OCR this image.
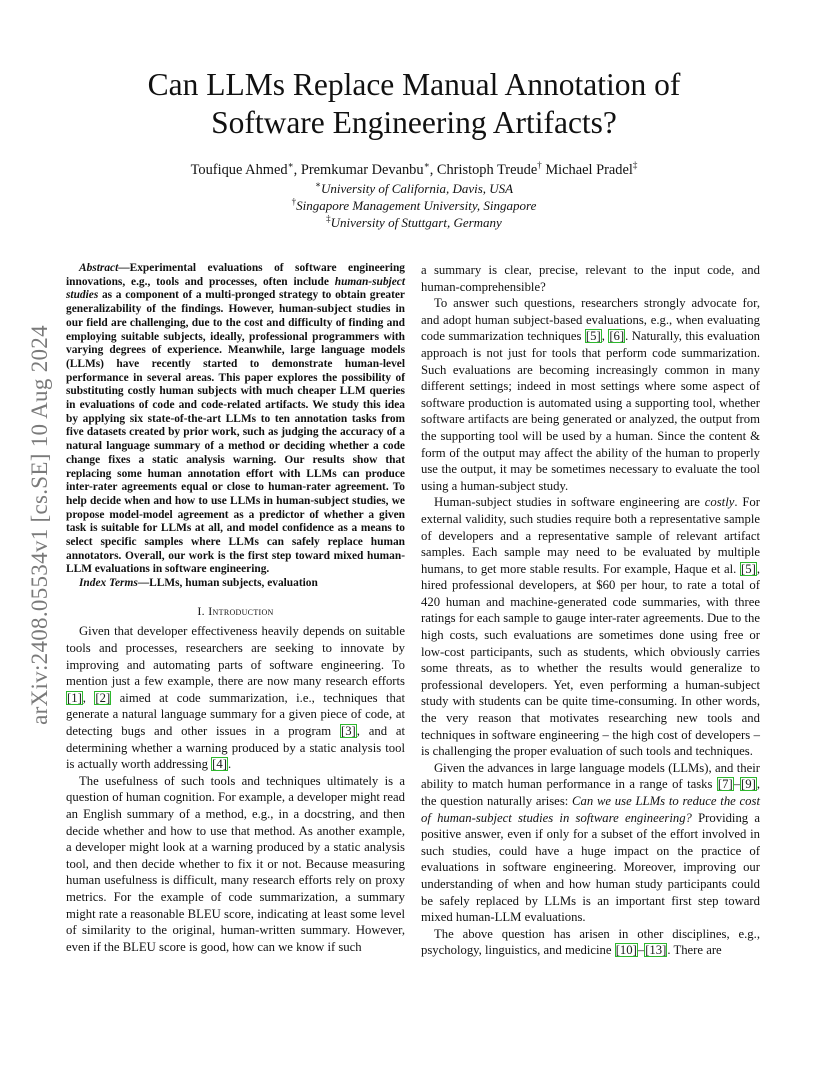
arXiv:2408.05534v1 [cs.SE] 10 Aug 2024
Can LLMs Replace Manual Annotation of
Software Engineering Artifacts?
Toufique Ahmed∗, Premkumar Devanbu∗, Christoph Treude† Michael Pradel‡
∗University of California, Davis, USA
†Singapore Management University, Singapore
‡University of Stuttgart, Germany

Abstract—Experimental evaluations of software engineering innovations, e.g., tools and processes, often include human-subject studies as a component of a multi-pronged strategy to obtain greater generalizability of the findings. However, human-subject studies in our field are challenging, due to the cost and difficulty of finding and employing suitable subjects, ideally, professional programmers with varying degrees of experience. Meanwhile, large language models (LLMs) have recently started to demonstrate human-level performance in several areas. This paper explores the possibility of substituting costly human subjects with much cheaper LLM queries in evaluations of code and code-related artifacts. We study this idea by applying six state-of-the-art LLMs to ten annotation tasks from five datasets created by prior work, such as judging the accuracy of a natural language summary of a method or deciding whether a code change fixes a static analysis warning. Our results show that replacing some human annotation effort with LLMs can produce inter-rater agreements equal or close to human-rater agreement. To help decide when and how to use LLMs in human-subject studies, we propose model-model agreement as a predictor of whether a given task is suitable for LLMs at all, and model confidence as a means to select specific samples where LLMs can safely replace human annotators. Overall, our work is the first step toward mixed human-LLM evaluations in software engineering.

Index Terms—LLMs, human subjects, evaluation

I. Introduction

Given that developer effectiveness heavily depends on suitable tools and processes, researchers are seeking to innovate by improving and automating parts of software engineering. To mention just a few example, there are now many research efforts [1], [2] aimed at code summarization, i.e., techniques that generate a natural language summary for a given piece of code, at detecting bugs and other issues in a program [3], and at determining whether a warning produced by a static analysis tool is actually worth addressing [4].

The usefulness of such tools and techniques ultimately is a question of human cognition. For example, a developer might read an English summary of a method, e.g., in a docstring, and then decide whether and how to use that method. As another example, a developer might look at a warning produced by a static analysis tool, and then decide whether to fix it or not. Because measuring human usefulness is difficult, many research efforts rely on proxy metrics. For the example of code summarization, a summary might rate a reasonable BLEU score, indicating at least some level of similarity to the original, human-written summary. However, even if the BLEU score is good, how can we know if such

a summary is clear, precise, relevant to the input code, and human-comprehensible?

To answer such questions, researchers strongly advocate for, and adopt human subject-based evaluations, e.g., when evaluating code summarization techniques [5], [6]. Naturally, this evaluation approach is not just for tools that perform code summarization. Such evaluations are becoming increasingly common in many different settings; indeed in most settings where some aspect of software production is automated using a supporting tool, whether software artifacts are being generated or analyzed, the output from the supporting tool will be used by a human. Since the content & form of the output may affect the ability of the human to properly use the output, it may be sometimes necessary to evaluate the tool using a human-subject study.

Human-subject studies in software engineering are costly. For external validity, such studies require both a representative sample of developers and a representative sample of relevant artifact samples. Each sample may need to be evaluated by multiple humans, to get more stable results. For example, Haque et al. [5], hired professional developers, at $60 per hour, to rate a total of 420 human and machine-generated code summaries, with three ratings for each sample to gauge inter-rater agreements. Due to the high costs, such evaluations are sometimes done using free or low-cost participants, such as students, which obviously carries some threats, as to whether the results would generalize to professional developers. Yet, even performing a human-subject study with students can be quite time-consuming. In other words, the very reason that motivates researching new tools and techniques in software engineering – the high cost of developers – is challenging the proper evaluation of such tools and techniques.

Given the advances in large language models (LLMs), and their ability to match human performance in a range of tasks [7]–[9], the question naturally arises: Can we use LLMs to reduce the cost of human-subject studies in software engineering? Providing a positive answer, even if only for a subset of the effort involved in such studies, could have a huge impact on the practice of evaluations in software engineering. Moreover, improving our understanding of when and how human study participants could be safely replaced by LLMs is an important first step toward mixed human-LLM evaluations.

The above question has arisen in other disciplines, e.g., psychology, linguistics, and medicine [10]–[13]. There are
